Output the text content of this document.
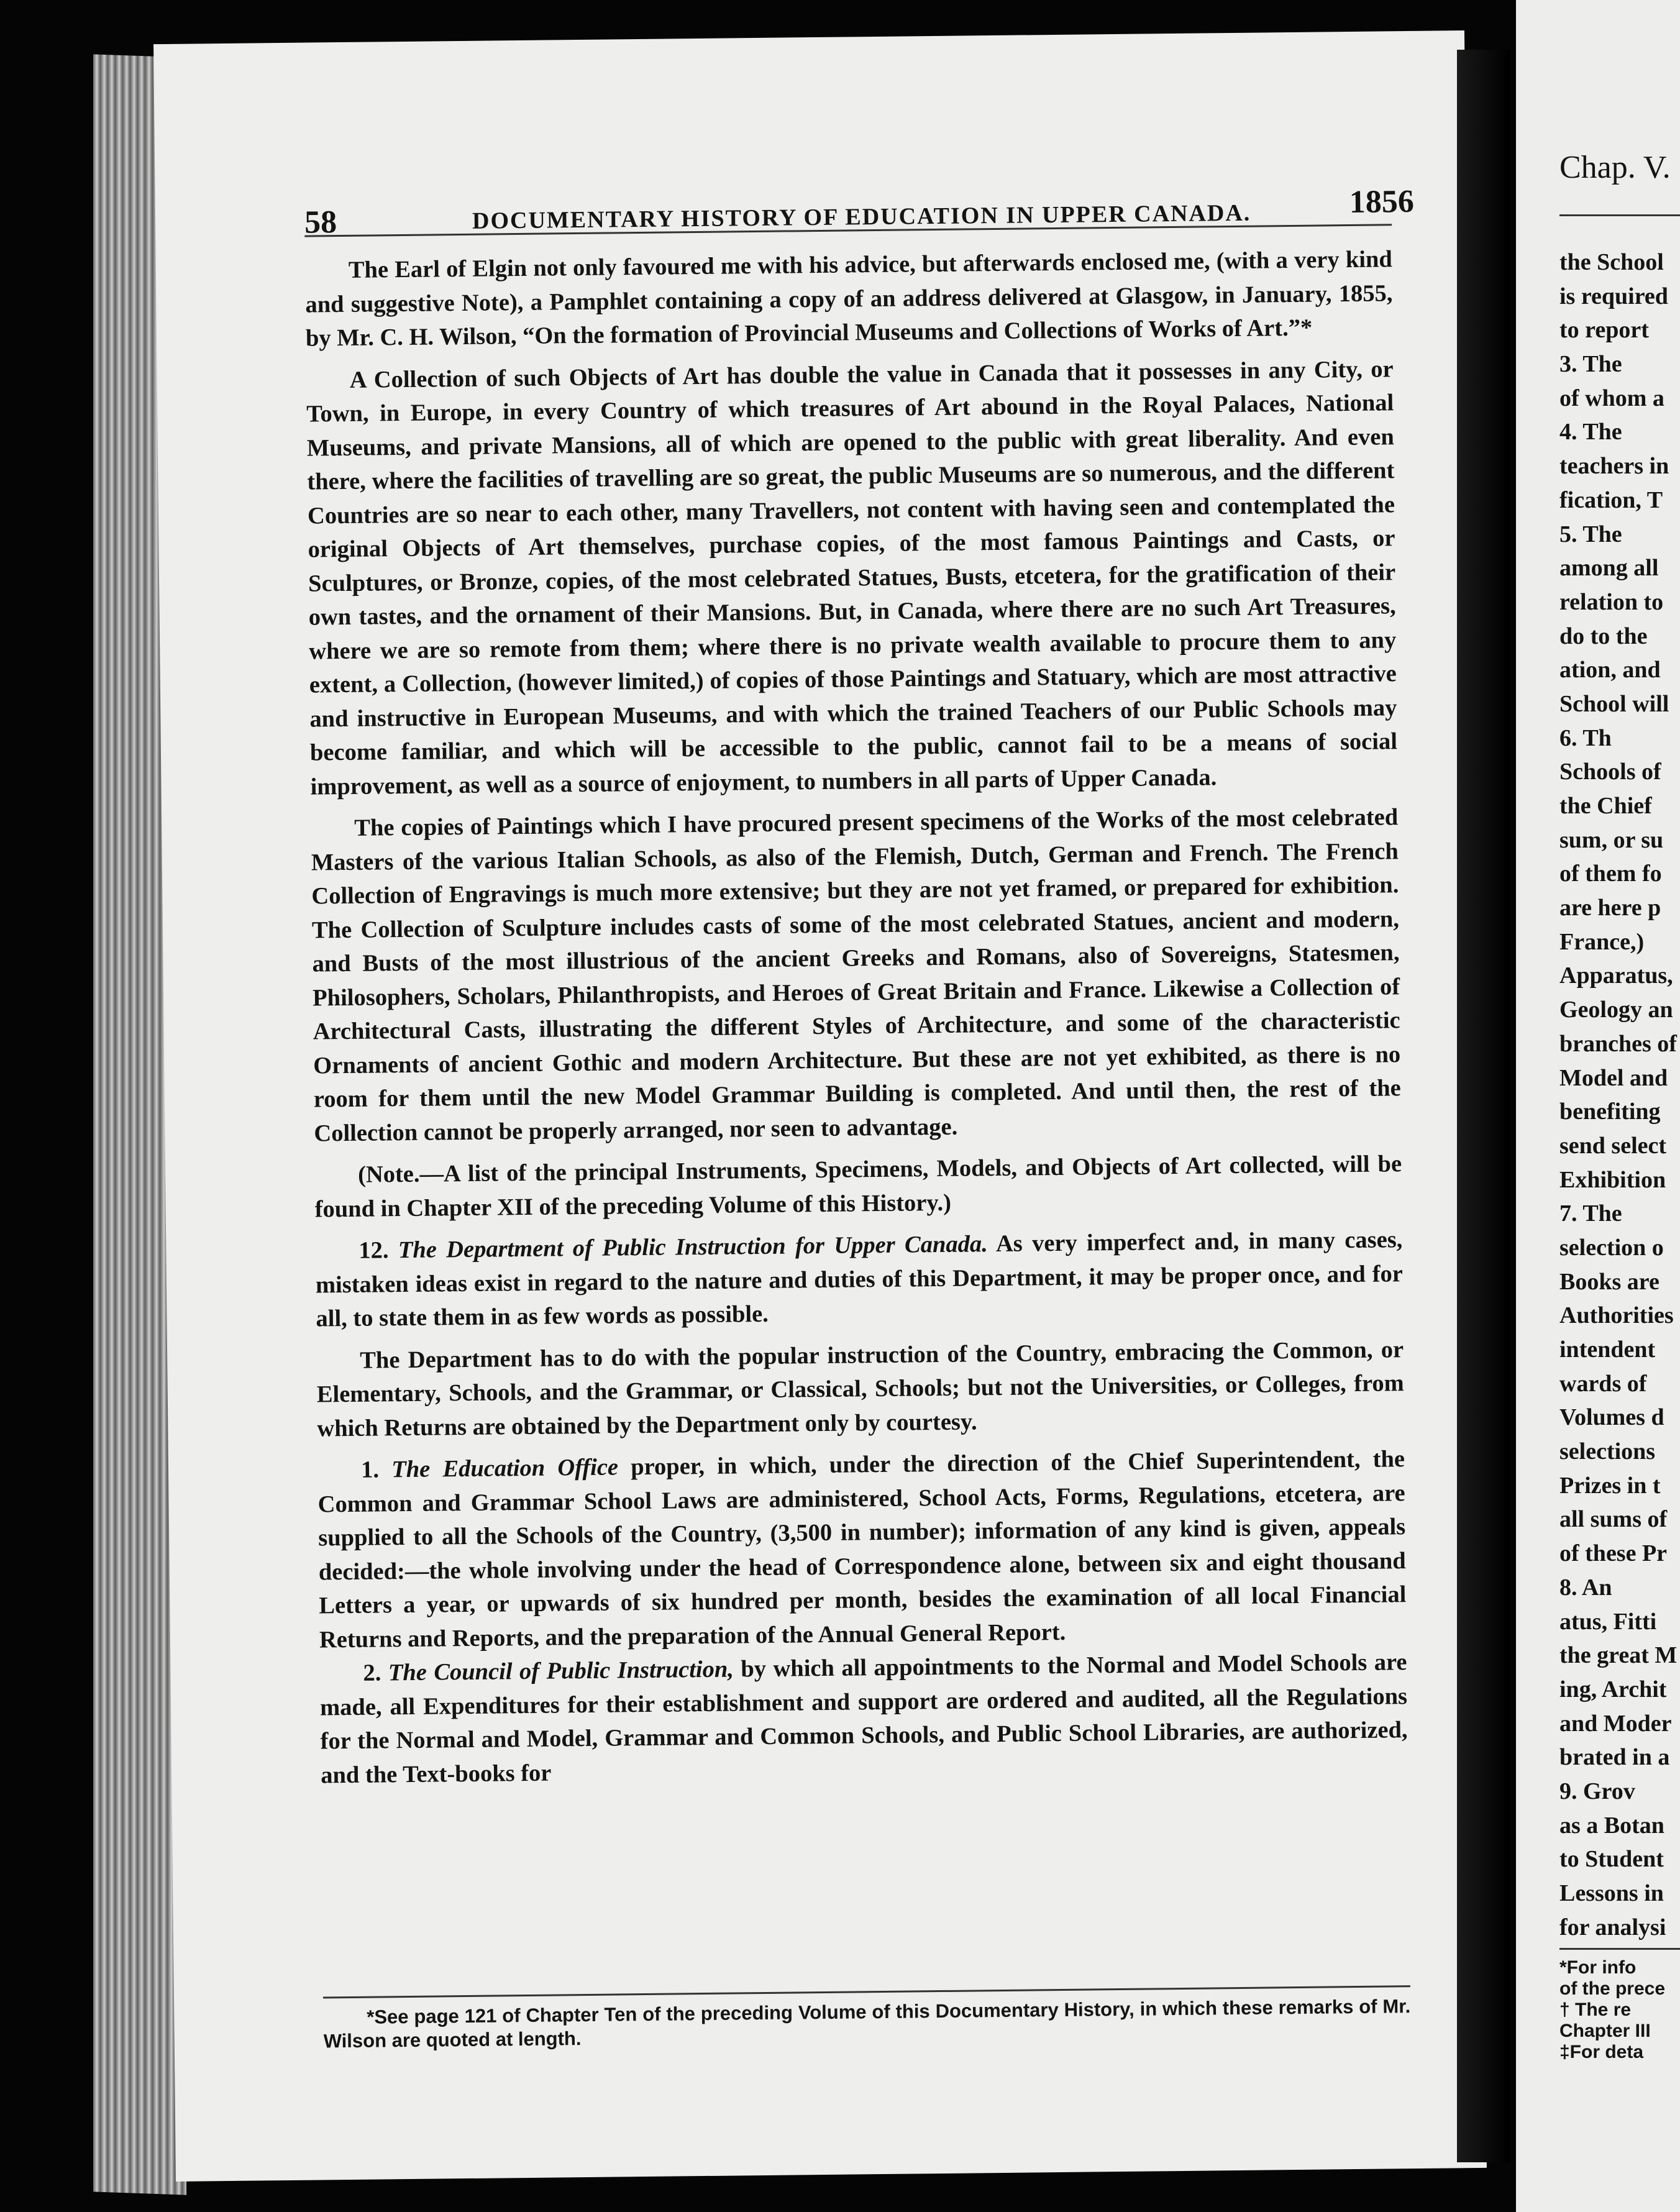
58	DOCUMENTARY HISTORY OF EDUCATION IN UPPER CANADA.	1856

The Earl of Elgin not only favoured me with his advice, but afterwards enclosed me, (with a very kind and suggestive Note), a Pamphlet containing a copy of an address delivered at Glasgow, in January, 1855, by Mr. C. H. Wilson, “On the formation of Provincial Museums and Collections of Works of Art.”*

A Collection of such Objects of Art has double the value in Canada that it possesses in any City, or Town, in Europe, in every Country of which treasures of Art abound in the Royal Palaces, National Museums, and private Mansions, all of which are opened to the public with great liberality. And even there, where the facilities of travelling are so great, the public Museums are so numerous, and the different Countries are so near to each other, many Travellers, not content with having seen and contemplated the original Objects of Art themselves, purchase copies, of the most famous Paintings and Casts, or Sculptures, or Bronze, copies, of the most celebrated Statues, Busts, etcetera, for the gratification of their own tastes, and the ornament of their Mansions. But, in Canada, where there are no such Art Treasures, where we are so remote from them; where there is no private wealth available to procure them to any extent, a Collection, (however limited,) of copies of those Paintings and Statuary, which are most attractive and instructive in European Museums, and with which the trained Teachers of our Public Schools may become familiar, and which will be accessible to the public, cannot fail to be a means of social improvement, as well as a source of enjoyment, to numbers in all parts of Upper Canada.

The copies of Paintings which I have procured present specimens of the Works of the most celebrated Masters of the various Italian Schools, as also of the Flemish, Dutch, German and French. The French Collection of Engravings is much more extensive; but they are not yet framed, or prepared for exhibition. The Collection of Sculpture includes casts of some of the most celebrated Statues, ancient and modern, and Busts of the most illustrious of the ancient Greeks and Romans, also of Sovereigns, Statesmen, Philosophers, Scholars, Philanthropists, and Heroes of Great Britain and France. Likewise a Collection of Architectural Casts, illustrating the different Styles of Architecture, and some of the characteristic Ornaments of ancient Gothic and modern Architecture. But these are not yet exhibited, as there is no room for them until the new Model Grammar Building is completed. And until then, the rest of the Collection cannot be properly arranged, nor seen to advantage.

(Note.—A list of the principal Instruments, Specimens, Models, and Objects of Art collected, will be found in Chapter XII of the preceding Volume of this History.)

12. The Department of Public Instruction for Upper Canada. As very imperfect and, in many cases, mistaken ideas exist in regard to the nature and duties of this Department, it may be proper once, and for all, to state them in as few words as possible.

The Department has to do with the popular instruction of the Country, embracing the Common, or Elementary, Schools, and the Grammar, or Classical, Schools; but not the Universities, or Colleges, from which Returns are obtained by the Department only by courtesy.

1. The Education Office proper, in which, under the direction of the Chief Superintendent, the Common and Grammar School Laws are administered, School Acts, Forms, Regulations, etcetera, are supplied to all the Schools of the Country, (3,500 in number); information of any kind is given, appeals decided:—the whole involving under the head of Correspondence alone, between six and eight thousand Letters a year, or upwards of six hundred per month, besides the examination of all local Financial Returns and Reports, and the preparation of the Annual General Report.

2. The Council of Public Instruction, by which all appointments to the Normal and Model Schools are made, all Expenditures for their establishment and support are ordered and audited, all the Regulations for the Normal and Model, Grammar and Common Schools, and Public School Libraries, are authorized, and the Text-books for

*See page 121 of Chapter Ten of the preceding Volume of this Documentary History, in which these remarks of Mr. Wilson are quoted at length.
Chap. V.
the School
is required
to report
3. The
of whom a
4. The
teachers in
fication, T
5. The
among all
relation to
do to the
ation, and
School will
6. Th
Schools of
the Chief
sum, or su
of them fo
are here p
France,)
Apparatus,
Geology an
branches of
Model and
benefiting
send select
Exhibition
7. The
selection o
Books are
Authorities
intendent
wards of
Volumes d
selections
Prizes in t
all sums of
of these Pr
8. An
atus, Fitti
the great M
ing, Archit
and Moder
brated in a
9. Grov
as a Botan
to Student
Lessons in
for analysi
*For info
of the prece
† The re
Chapter III
‡For deta
